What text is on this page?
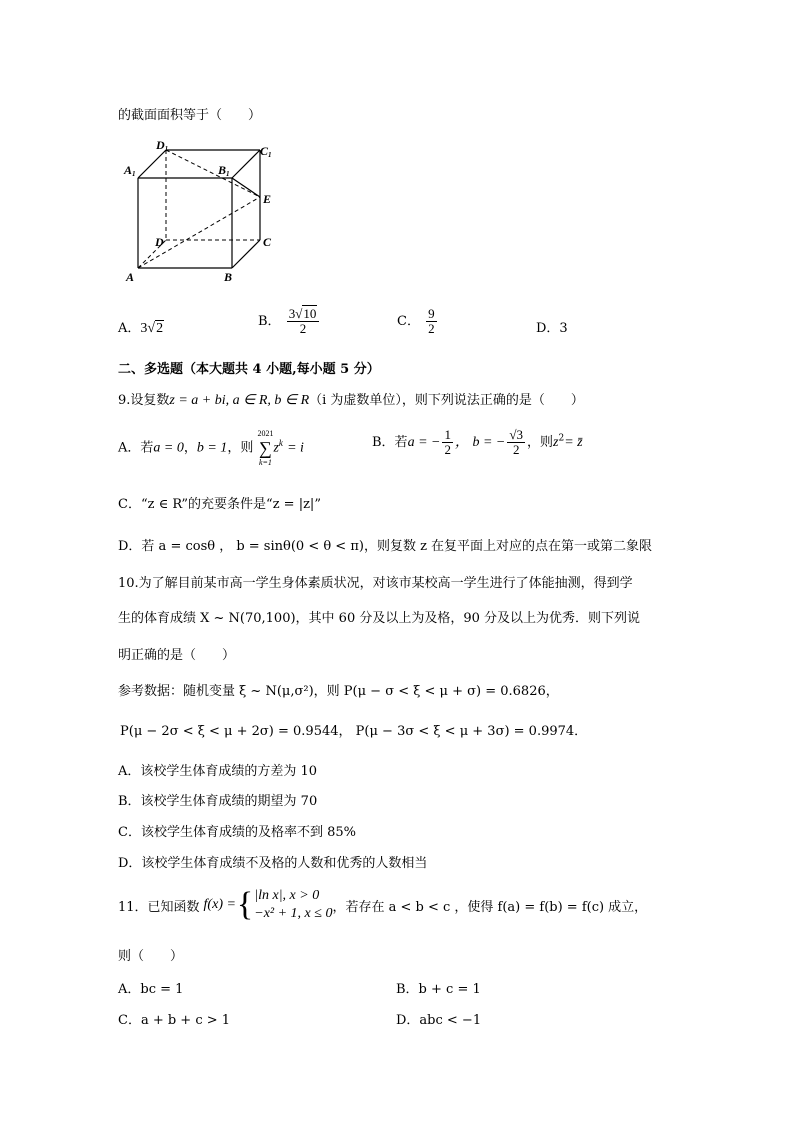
的截面面积等于（　　）
D1	C1
A1	B1
E
D	C
A	B
A．3√2	B． $\frac{3√10}{2}$	C． $\frac{9}{2}$	D．3
二、多选题（本大题共 4 小题,每小题 5 分）
9.设复数z = a + bi, a ∈ R, b ∈ R（i 为虚数单位），则下列说法正确的是（　　）
A．若a = 0，b = 1，则
2021
∑
k=1
$z^k = i$	B．若a = − $\frac{1}{2}$ ， b = − $\frac{√3}{2}$ ，则$z^2=$ z̄
C．“z ∈ R”的充要条件是“z = |z|”
D．若 a = cosθ ， b = sinθ(0 < θ < π)，则复数 z 在复平面上对应的点在第一或第二象限
10.为了解目前某市高一学生身体素质状况，对该市某校高一学生进行了体能抽测，得到学
生的体育成绩 X ~ N(70,100)，其中 60 分及以上为及格，90 分及以上为优秀．则下列说
明正确的是（　　）
参考数据：随机变量 ξ ~ N(μ,σ²)，则 P(μ − σ < ξ < μ + σ) = 0.6826，
P(μ − 2σ < ξ < μ + 2σ) = 0.9544， P(μ − 3σ < ξ < μ + 3σ) = 0.9974．
A．该校学生体育成绩的方差为 10
B．该校学生体育成绩的期望为 70
C．该校学生体育成绩的及格率不到 85%
D．该校学生体育成绩不及格的人数和优秀的人数相当
11．已知函数 f(x) = { |ln x|, x > 0
−x² + 1, x ≤ 0 ，若存在 a < b < c ，使得 f(a) = f(b) = f(c) 成立，
则（　　）
A．bc = 1	B．b + c = 1
C．a + b + c > 1	D．abc < −1
